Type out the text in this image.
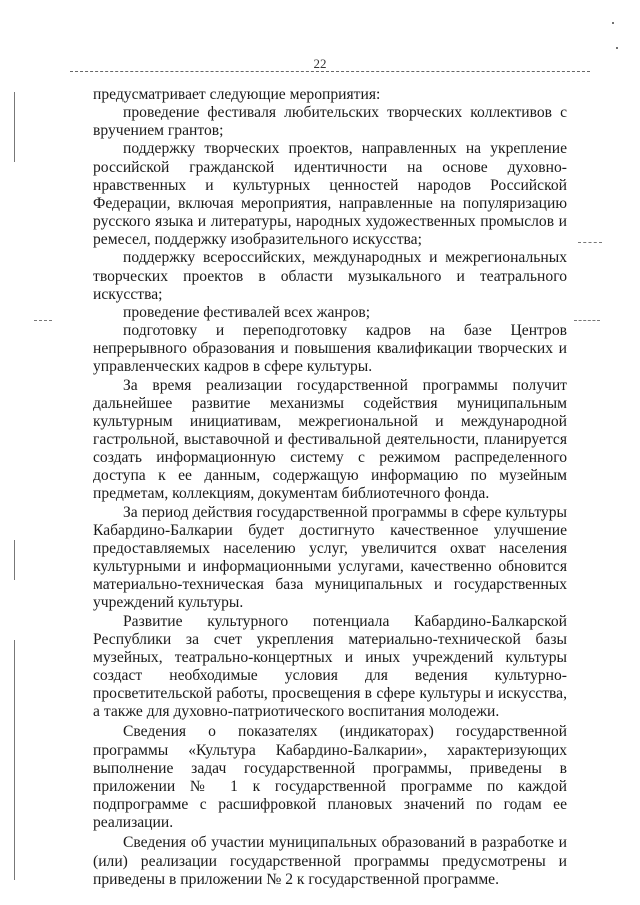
22

предусматривает следующие мероприятия:

проведение фестиваля любительских творческих коллективов с вручением грантов;

поддержку творческих проектов, направленных на укрепление российской гражданской идентичности на основе духовно-нравственных и культурных ценностей народов Российской Федерации, включая мероприятия, направленные на популяризацию русского языка и литературы, народных художественных промыслов и ремесел, поддержку изобразительного искусства;

поддержку всероссийских, международных и межрегиональных творческих проектов в области музыкального и театрального искусства;

проведение фестивалей всех жанров;

подготовку и переподготовку кадров на базе Центров непрерывного образования и повышения квалификации творческих и управленческих кадров в сфере культуры.

За время реализации государственной программы получит дальнейшее развитие механизмы содействия муниципальным культурным инициативам, межрегиональной и международной гастрольной, выставочной и фестивальной деятельности, планируется создать информационную систему с режимом распределенного доступа к ее данным, содержащую информацию по музейным предметам, коллекциям, документам библиотечного фонда.

За период действия государственной программы в сфере культуры Кабардино-Балкарии будет достигнуто качественное улучшение предоставляемых населению услуг, увеличится охват населения культурными и информационными услугами, качественно обновится материально-техническая база муниципальных и государственных учреждений культуры.

Развитие культурного потенциала Кабардино-Балкарской Республики за счет укрепления материально-технической базы музейных, театрально-концертных и иных учреждений культуры создаст необходимые условия для ведения культурно-просветительской работы, просвещения в сфере культуры и искусства, а также для духовно-патриотического воспитания молодежи.

Сведения о показателях (индикаторах) государственной программы «Культура Кабардино-Балкарии», характеризующих выполнение задач государственной программы, приведены в приложении № 1 к государственной программе по каждой подпрограмме с расшифровкой плановых значений по годам ее реализации.

Сведения об участии муниципальных образований в разработке и (или) реализации государственной программы предусмотрены и приведены в приложении № 2 к государственной программе.
